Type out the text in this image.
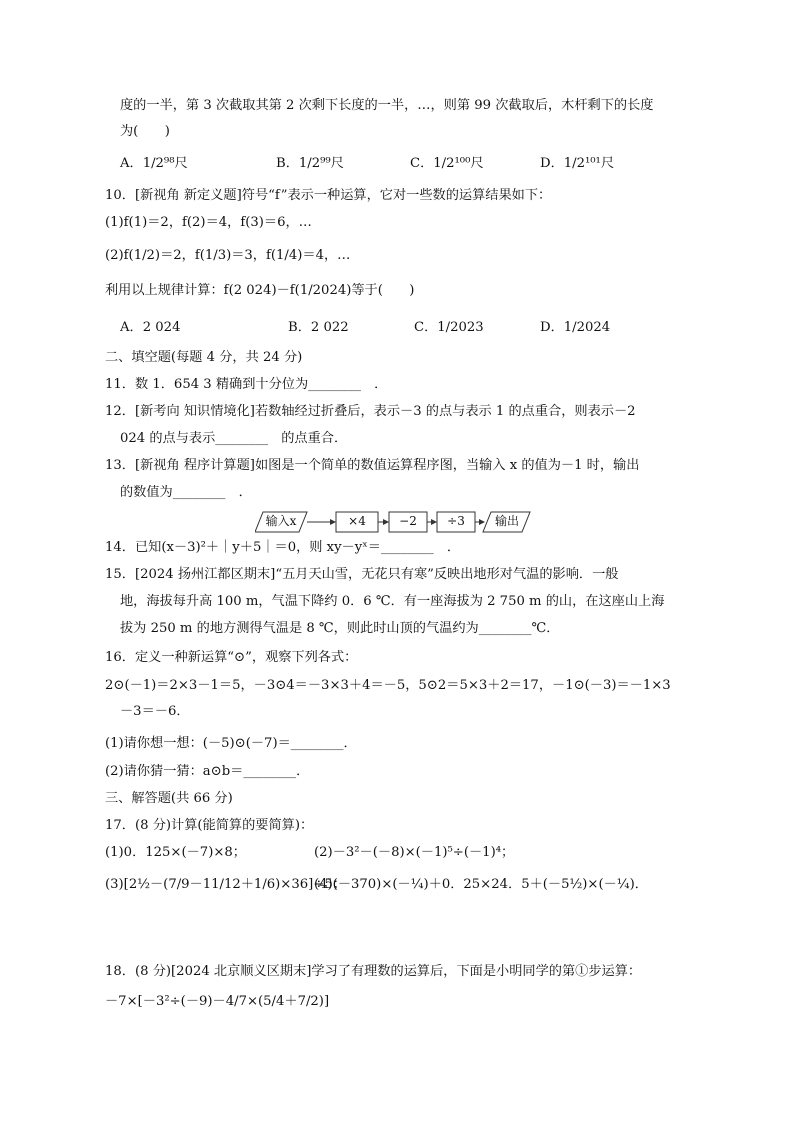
度的一半，第 3 次截取其第 2 次剩下长度的一半，…，则第 99 次截取后，木杆剩下的长度
为(　　)
A．1/2⁹⁸尺	B．1/2⁹⁹尺	C．1/2¹⁰⁰尺	D．1/2¹⁰¹尺
10．[新视角 新定义题]符号“f”表示一种运算，它对一些数的运算结果如下：
(1)f(1)＝2，f(2)＝4，f(3)＝6，…
(2)f(1/2)＝2，f(1/3)＝3，f(1/4)＝4，…
利用以上规律计算：f(2 024)－f(1/2024)等于(　　)
A．2 024	B．2 022	C．1/2023	D．1/2024
二、填空题(每题 4 分，共 24 分)
11．数 1．654 3 精确到十分位为________　．
12．[新考向 知识情境化]若数轴经过折叠后，表示－3 的点与表示 1 的点重合，则表示－2
024 的点与表示________　的点重合．
13．[新视角 程序计算题]如图是一个简单的数值运算程序图，当输入 x 的值为－1 时，输出
的数值为________　．
输入x	×4	−2	÷3	输出
14．已知(x－3)²＋｜y＋5｜＝0，则 xy－yˣ＝________　．
15．[2024 扬州江都区期末]“五月天山雪，无花只有寒”反映出地形对气温的影响．一般
地，海拔每升高 100 m，气温下降约 0．6 ℃．有一座海拔为 2 750 m 的山，在这座山上海
拔为 250 m 的地方测得气温是 8 ℃，则此时山顶的气温约为________℃．
16．定义一种新运算“⊙”，观察下列各式：
2⊙(－1)＝2×3－1＝5，－3⊙4＝－3×3＋4＝－5，5⊙2＝5×3＋2＝17，－1⊙(－3)＝－1×3
－3＝－6．
(1)请你想一想：(－5)⊙(－7)＝________．
(2)请你猜一猜：a⊙b＝________．
三、解答题(共 66 分)
17．(8 分)计算(能简算的要简算)：
(1)0．125×(－7)×8；	(2)－3²－(－8)×(－1)⁵÷(－1)⁴；
(3)[2½－(7/9－11/12＋1/6)×36]÷5；
(4)(－370)×(－¼)＋0．25×24．5＋(－5½)×(－¼)．
18．(8 分)[2024 北京顺义区期末]学习了有理数的运算后，下面是小明同学的第①步运算：
－7×[－3²÷(－9)－4/7×(5/4＋7/2)]
